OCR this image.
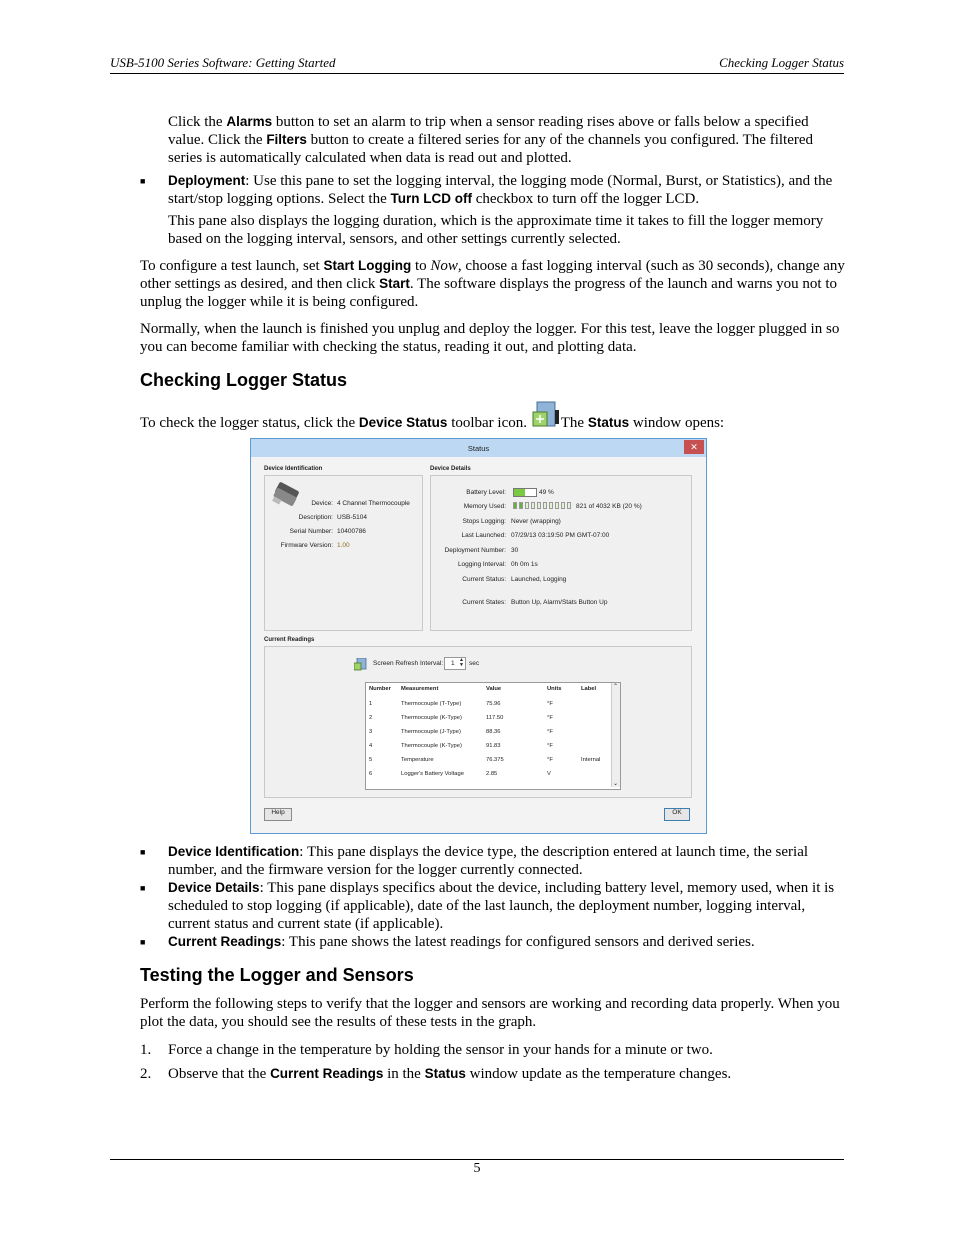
USB-5100 Series Software: Getting Started	Checking Logger Status

Click the Alarms button to set an alarm to trip when a sensor reading rises above or falls below a specified value. Click the Filters button to create a filtered series for any of the channels you configured. The filtered series is automatically calculated when data is read out and plotted.

■ Deployment: Use this pane to set the logging interval, the logging mode (Normal, Burst, or Statistics), and the start/stop logging options. Select the Turn LCD off checkbox to turn off the logger LCD.

This pane also displays the logging duration, which is the approximate time it takes to fill the logger memory based on the logging interval, sensors, and other settings currently selected.

To configure a test launch, set Start Logging to Now, choose a fast logging interval (such as 30 seconds), change any other settings as desired, and then click Start. The software displays the progress of the launch and warns you not to unplug the logger while it is being configured.

Normally, when the launch is finished you unplug and deploy the logger. For this test, leave the logger plugged in so you can become familiar with checking the status, reading it out, and plotting data.

Checking Logger Status

To check the logger status, click the Device Status toolbar icon.
The Status window opens:

Status	✕
Device Identification
Device: 4 Channel Thermocouple
Description: USB-5104
Serial Number: 10400786
Firmware Version: 1.00
Device Details
Battery Level:	49 %
Memory Used:	821 of 4032 KB (20 %)
Stops Logging: Never (wrapping)
Last Launched: 07/29/13 03:19:50 PM GMT-07:00
Deployment Number: 30
Logging Interval: 0h 0m 1s
Current Status: Launched, Logging
Current States: Button Up, Alarm/Stats Button Up
Current Readings
Screen Refresh Interval: 1 ▲
▼ sec
Number Measurement	Value	Units	Label
1	Thermocouple (T-Type)	75.96	°F
2	Thermocouple (K-Type)	117.50	°F
3	Thermocouple (J-Type)	88.36	°F
4	Thermocouple (K-Type)	91.83	°F
5	Temperature	76.375	°F	Internal
6	Logger's Battery Voltage	2.85	V
⌃
⌄
Help	OK
■ Device Identification: This pane displays the device type, the description entered at launch time, the serial number, and the firmware version for the logger currently connected.

■ Device Details: This pane displays specifics about the device, including battery level, memory used, when it is scheduled to stop logging (if applicable), date of the last launch, the deployment number, logging interval, current status and current state (if applicable).

■ Current Readings: This pane shows the latest readings for configured sensors and derived series.

Testing the Logger and Sensors

Perform the following steps to verify that the logger and sensors are working and recording data properly. When you plot the data, you should see the results of these tests in the graph.

1.	Force a change in the temperature by holding the sensor in your hands for a minute or two.

2.	Observe that the Current Readings in the Status window update as the temperature changes.

5
